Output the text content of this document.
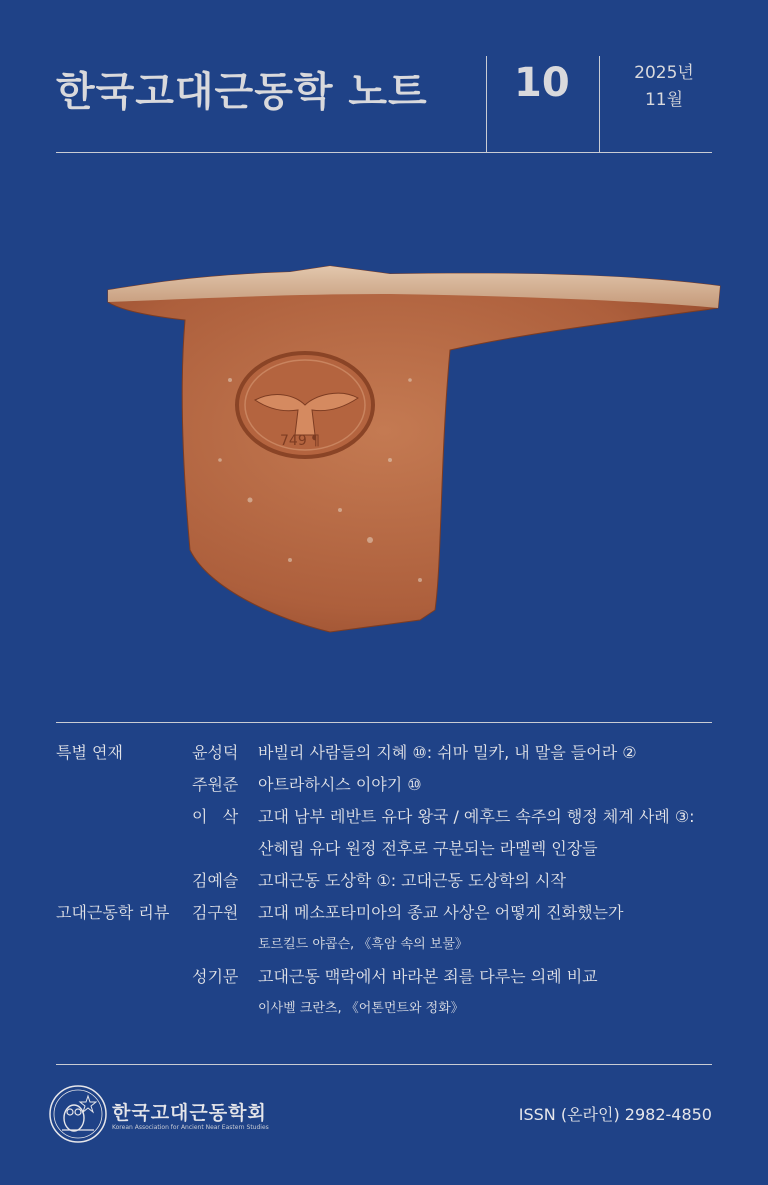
한국고대근동학 노트 10	2025년
11월
749 ¶
특별 연재	윤성덕 바빌리 사람들의 지혜 ⑩: 쉬마 밀카, 내 말을 들어라 ②
주원준 아트라하시스 이야기 ⑩
이   삭 고대 남부 레반트 유다 왕국 / 예후드 속주의 행정 체계 사례 ③:
산헤립 유다 원정 전후로 구분되는 라멜렉 인장들
김예슬 고대근동 도상학 ①: 고대근동 도상학의 시작
고대근동학 리뷰 김구원 고대 메소포타미아의 종교 사상은 어떻게 진화했는가
토르킬드 야콥슨, 《흑암 속의 보물》
성기문 고대근동 맥락에서 바라본 죄를 다루는 의례 비교
이사벨 크란츠, 《어톤먼트와 정화》
한국고대근동학회
Korean Association for Ancient Near Eastern Studies
ISSN (온라인) 2982-4850
